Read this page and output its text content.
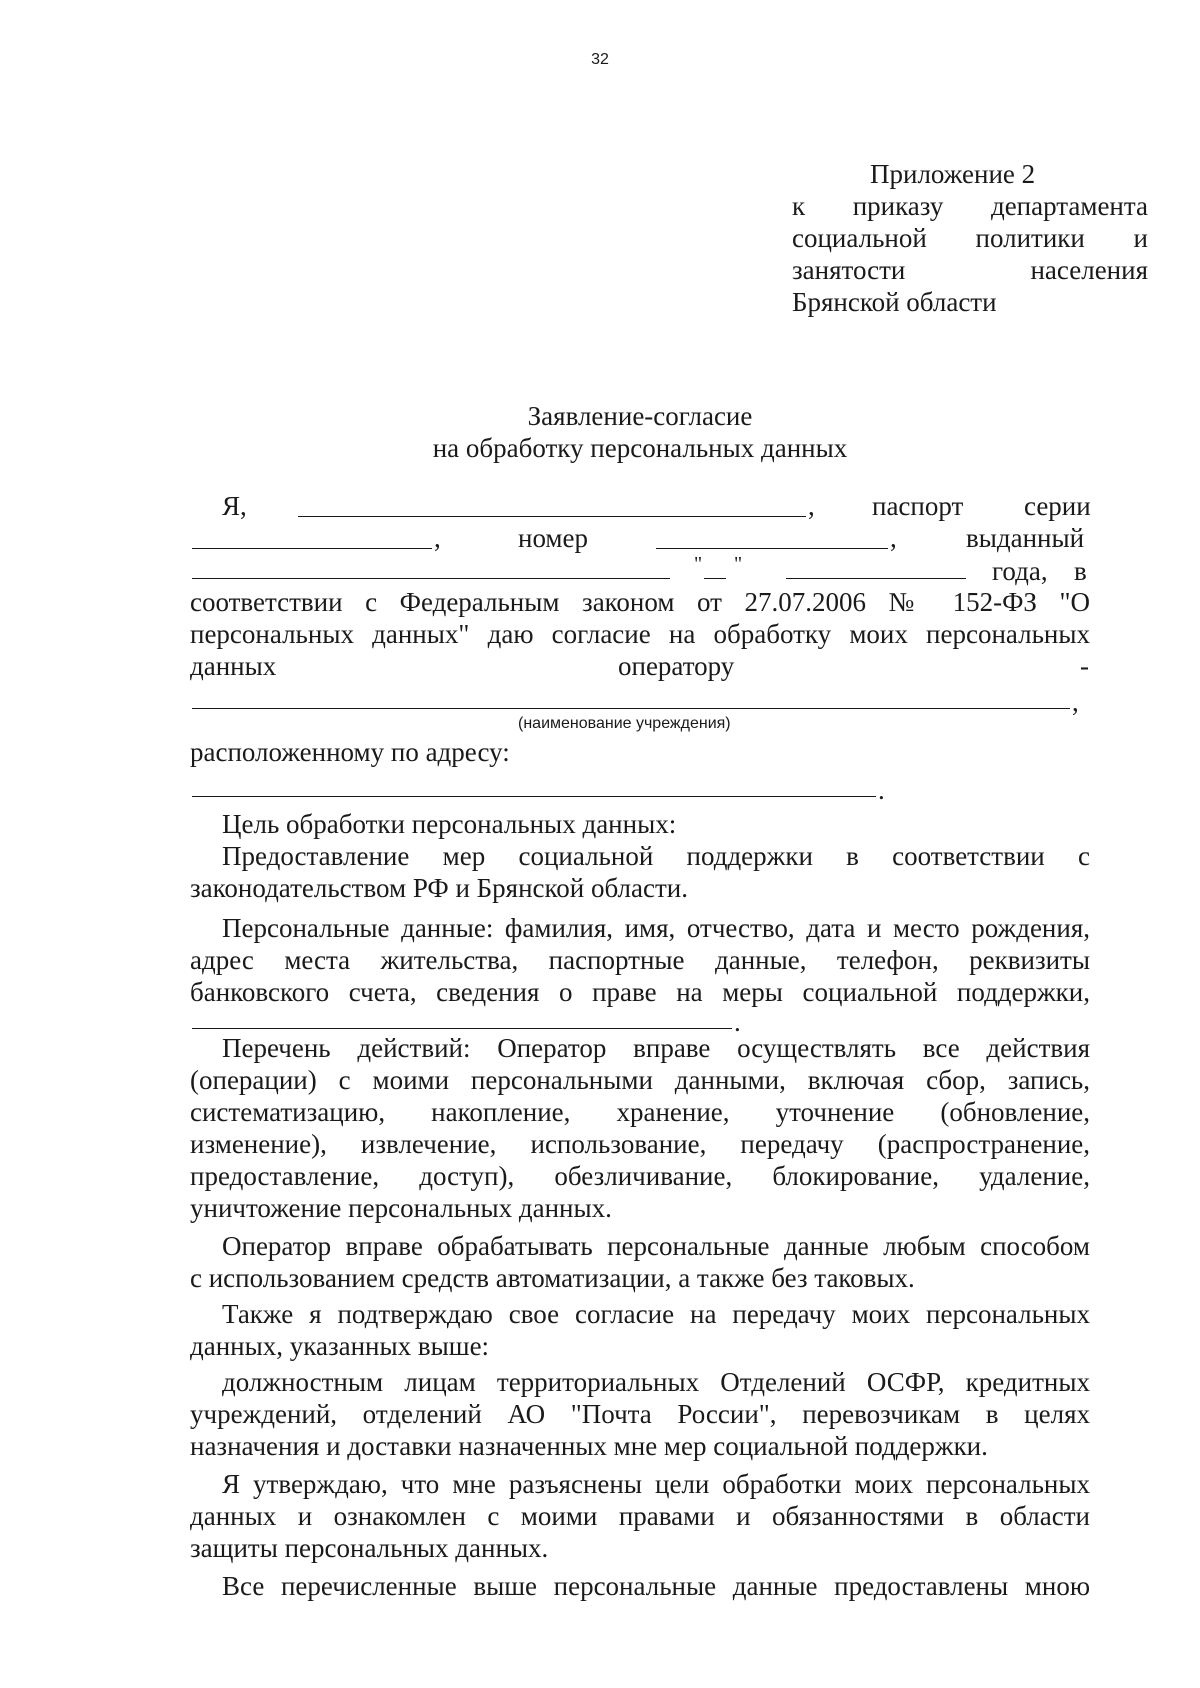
32
Приложение 2
к приказу департамента
социальной политики и
занятости	населения
Брянской области
Заявление-согласие
на обработку персональных данных
Я,	, паспорт серии
,	номер	,	выданный
" "	года, в
соответствии с Федеральным законом от 27.07.2006 № 152-ФЗ "О
персональных данных" даю согласие на обработку моих персональных
данных	оператору	-
,
(наименование учреждения)
расположенному по адресу:
.
Цель обработки персональных данных:
Предоставление мер социальной поддержки в соответствии с
законодательством РФ и Брянской области.
Персональные данные: фамилия, имя, отчество, дата и место рождения,
адрес места жительства, паспортные данные, телефон, реквизиты
банковского счета, сведения о праве на меры социальной поддержки,
.
Перечень действий: Оператор вправе осуществлять все действия
(операции) с моими персональными данными, включая сбор, запись,
систематизацию, накопление, хранение, уточнение (обновление,
изменение), извлечение, использование, передачу (распространение,
предоставление, доступ), обезличивание, блокирование, удаление,
уничтожение персональных данных.
Оператор вправе обрабатывать персональные данные любым способом
с использованием средств автоматизации, а также без таковых.
Также я подтверждаю свое согласие на передачу моих персональных
данных, указанных выше:
должностным лицам территориальных Отделений ОСФР, кредитных
учреждений, отделений АО "Почта России", перевозчикам в целях
назначения и доставки назначенных мне мер социальной поддержки.
Я утверждаю, что мне разъяснены цели обработки моих персональных
данных и ознакомлен с моими правами и обязанностями в области
защиты персональных данных.
Все перечисленные выше персональные данные предоставлены мною
